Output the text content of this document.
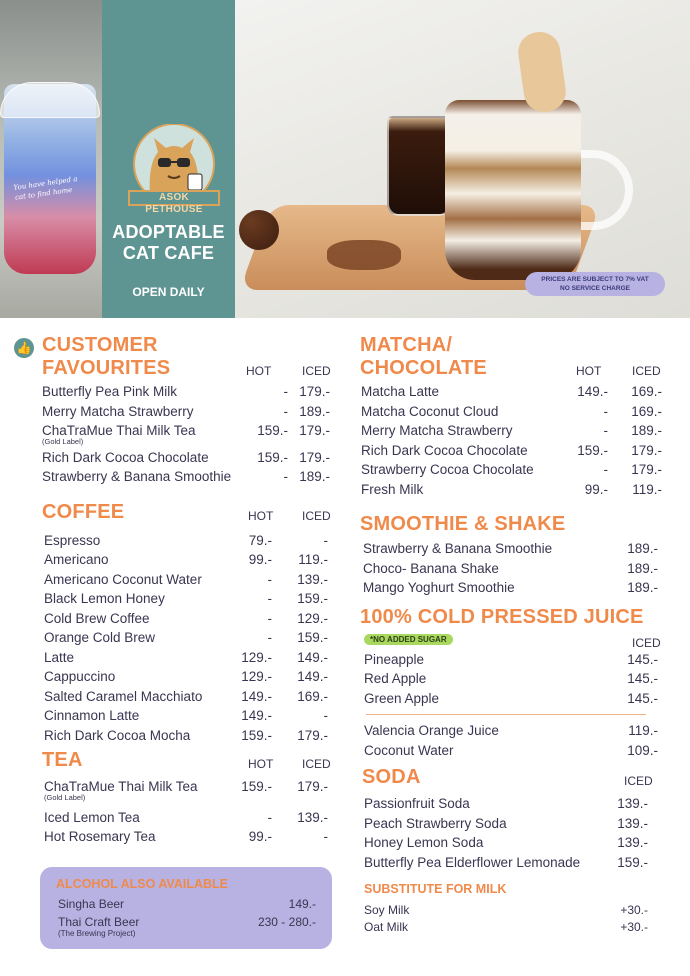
You have helped a cat to find home	ASOK PETHOUSE
ADOPTABLE
CAT CAFE
OPEN DAILY
PRICES ARE SUBJECT TO 7% VAT
NO SERVICE CHARGE
👍 CUSTOMER
FAVOURITES	HOT	ICED
Butterfly Pea Pink Milk	- 179.-
Merry Matcha Strawberry	- 189.-
ChaTraMue Thai Milk Tea	159.- 179.-
(Gold Label)
Rich Dark Cocoa Chocolate	159.- 179.-
Strawberry & Banana Smoothie	- 189.-
COFFEE	HOT ICED
Espresso	79.-	-
Americano	99.- 119.-
Americano Coconut Water	- 139.-
Black Lemon Honey	- 159.-
Cold Brew Coffee	- 129.-
Orange Cold Brew	- 159.-
Latte	129.- 149.-
Cappuccino	129.- 149.-
Salted Caramel Macchiato	149.- 169.-
Cinnamon Latte	149.-	-
Rich Dark Cocoa Mocha	159.- 179.-
TEA	HOT ICED
ChaTraMue Thai Milk Tea	159.- 179.-
(Gold Label)
Iced Lemon Tea	- 139.-
Hot Rosemary Tea	99.-	-
ALCOHOL ALSO AVAILABLE
Singha Beer	149.-
Thai Craft Beer	230 - 280.-
(The Brewing Project)
MATCHA/
CHOCOLATE	HOT	ICED
Matcha Latte	149.- 169.-
Matcha Coconut Cloud	- 169.-
Merry Matcha Strawberry	- 189.-
Rich Dark Cocoa Chocolate	159.- 179.-
Strawberry Cocoa Chocolate	- 179.-
Fresh Milk	99.- 119.-
SMOOTHIE & SHAKE
Strawberry & Banana Smoothie	189.-
Choco- Banana Shake	189.-
Mango Yoghurt Smoothie	189.-
100% COLD PRESSED JUICE
*NO ADDED SUGAR	ICED
Pineapple	145.-
Red Apple	145.-
Green Apple	145.-
Valencia Orange Juice	119.-
Coconut Water	109.-
SODA	ICED
Passionfruit Soda	139.-
Peach Strawberry Soda	139.-
Honey Lemon Soda	139.-
Butterfly Pea Elderflower Lemonade	159.-
SUBSTITUTE FOR MILK
Soy Milk	+30.-
Oat Milk	+30.-
